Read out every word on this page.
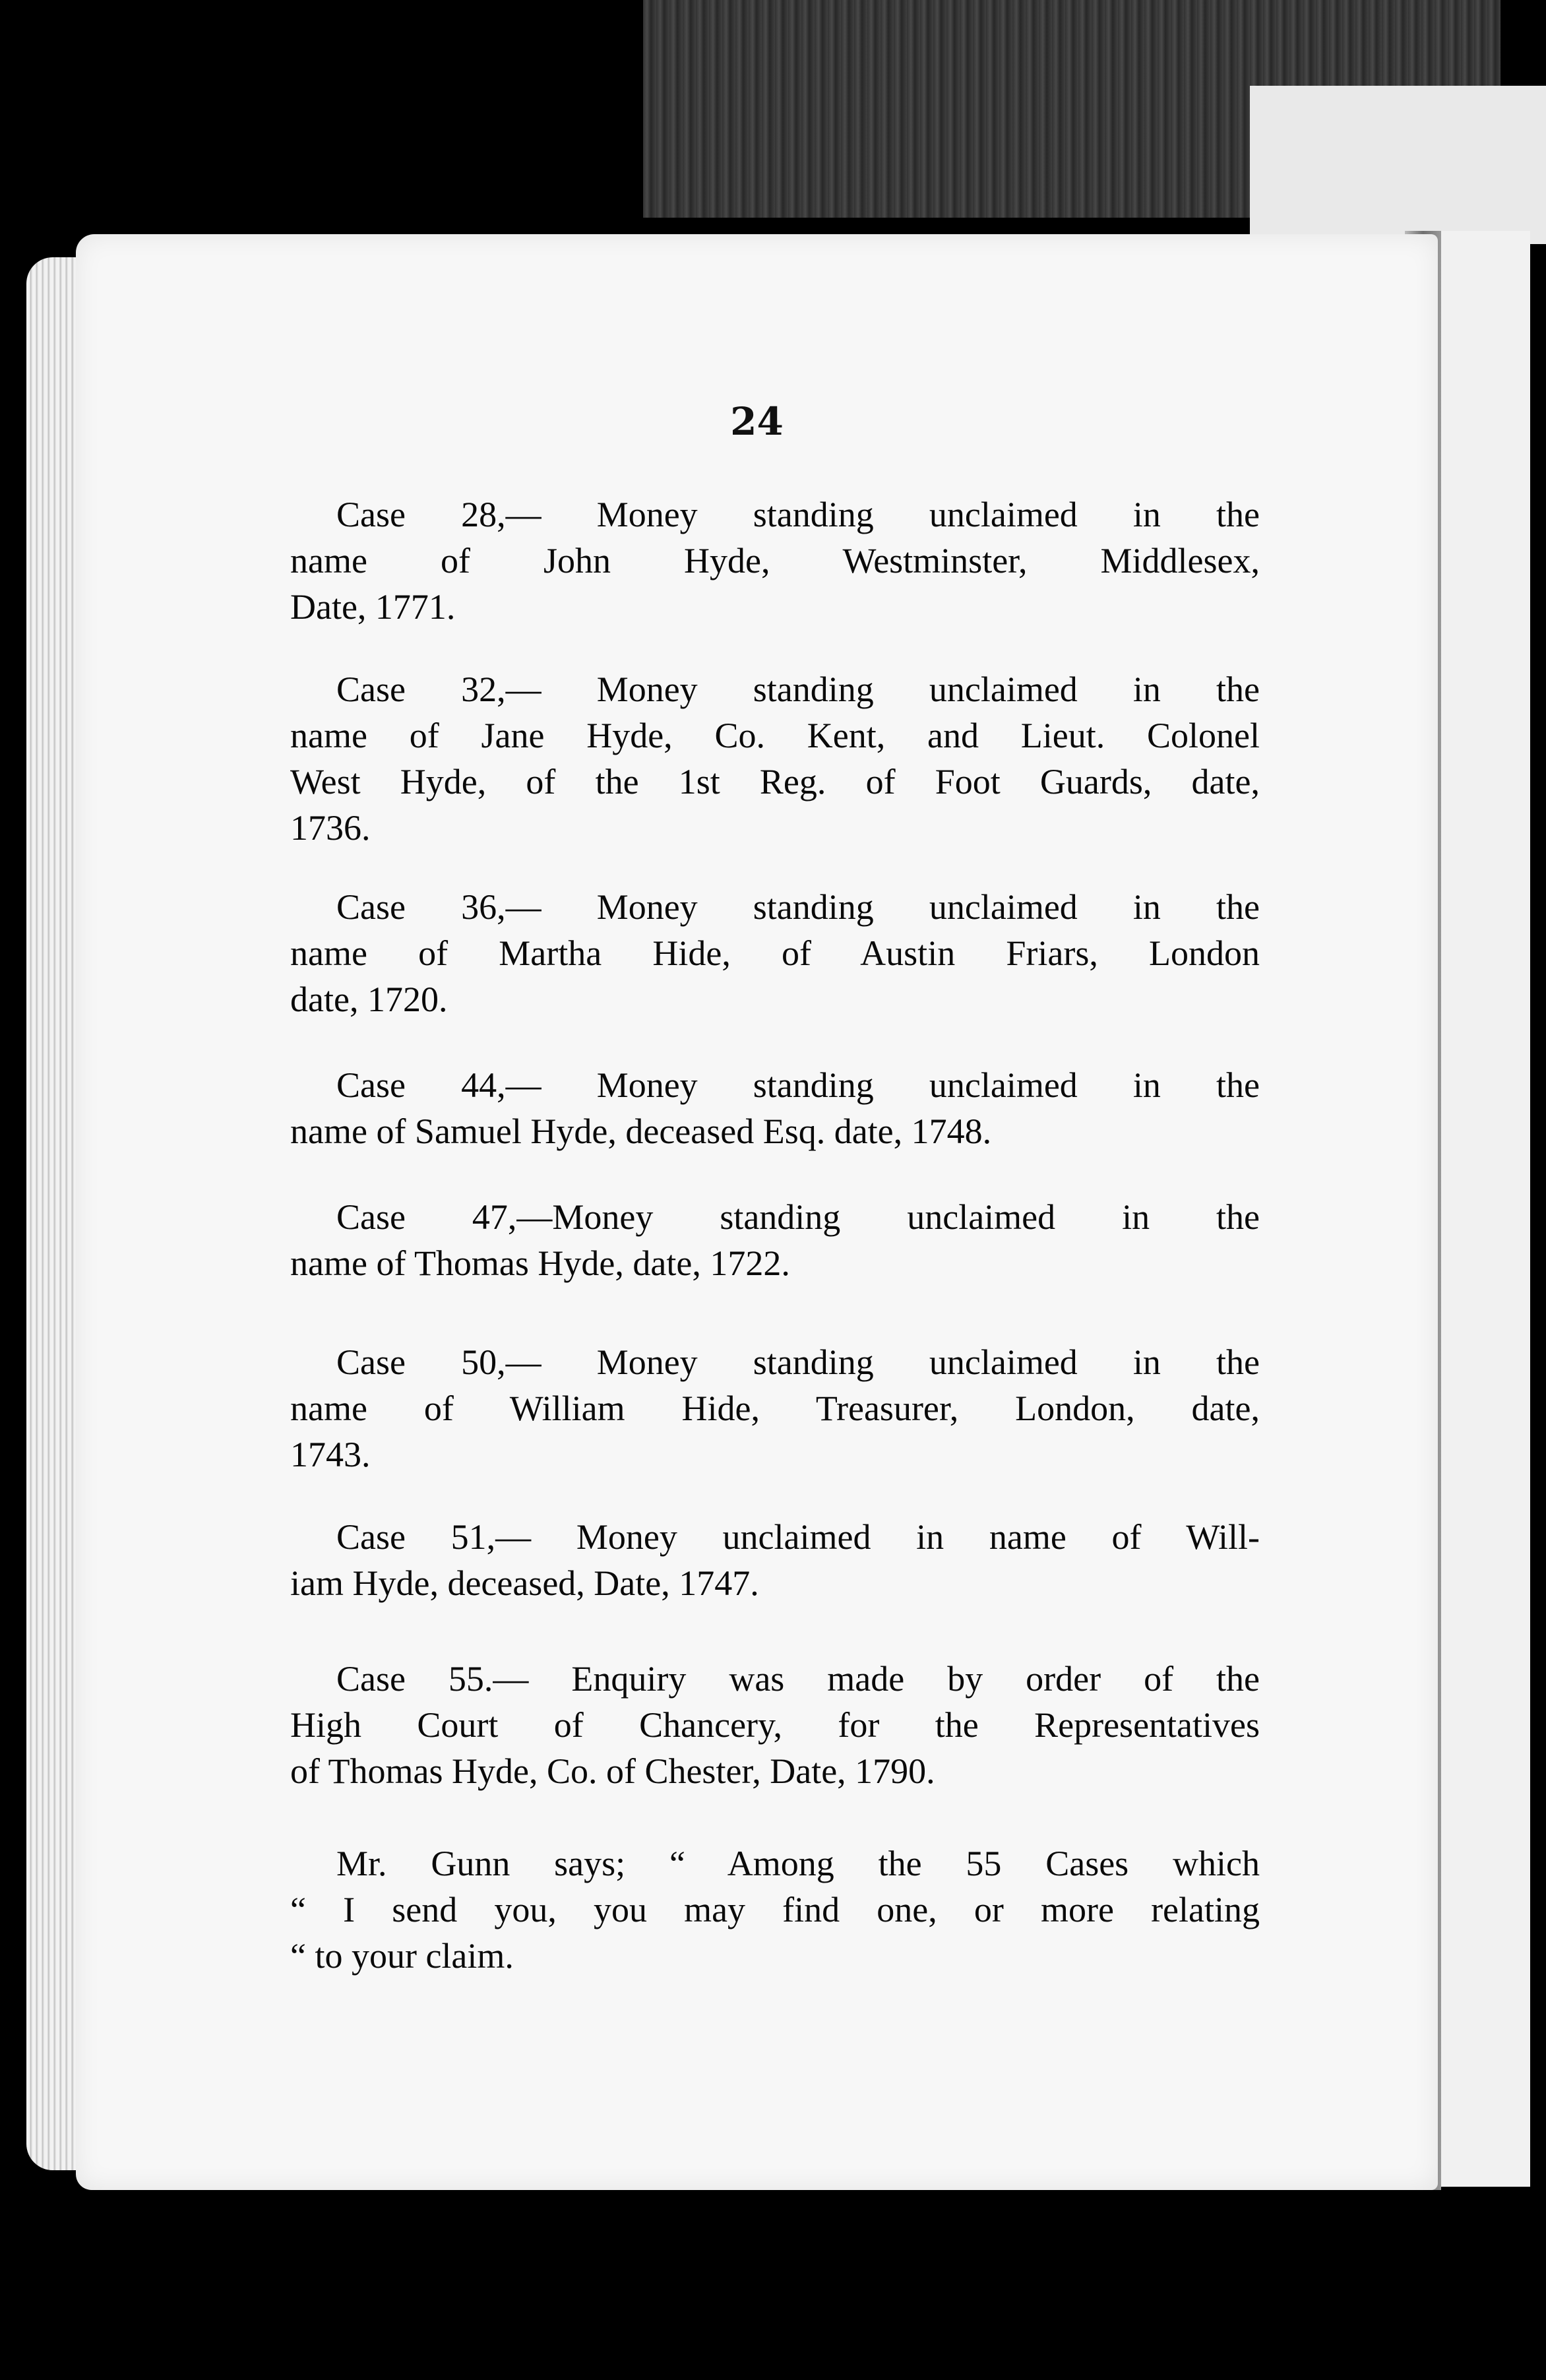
24

Case 28,— Money standing unclaimed in the
name of John Hyde, Westminster, Middlesex,
Date, 1771.

Case 32,— Money standing unclaimed in the
name of Jane Hyde, Co. Kent, and Lieut. Colonel
West Hyde, of the 1st Reg. of Foot Guards, date,
1736.

Case 36,— Money standing unclaimed in the
name of Martha Hide, of Austin Friars, London
date, 1720.

Case 44,— Money standing unclaimed in the
name of Samuel Hyde, deceased Esq. date, 1748.

Case 47,—Money standing unclaimed in the
name of Thomas Hyde, date, 1722.

Case 50,— Money standing unclaimed in the
name of William Hide, Treasurer, London, date,
1743.

Case 51,— Money unclaimed in name of Will-
iam Hyde, deceased, Date, 1747.

Case 55.— Enquiry was made by order of the
High Court of Chancery, for the Representatives
of Thomas Hyde, Co. of Chester, Date, 1790.

Mr. Gunn says; “ Among the 55 Cases which
“ I send you, you may find one, or more relating
“ to your claim.
